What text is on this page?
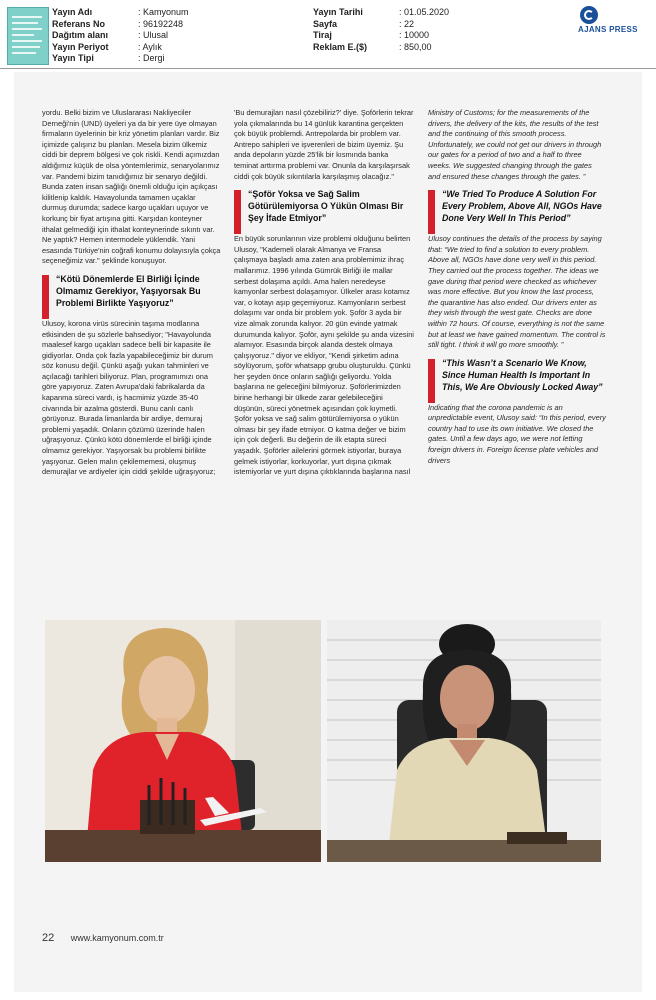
Yayın Adı	: Kamyonum
Referans No	: 96192248
Dağıtım alanı	: Ulusal
Yayın Periyot	: Aylık
Yayın Tipi	: Dergi
Yayın Tarihi	: 01.05.2020
Sayfa	: 22
Tiraj	: 10000
Reklam E.($)	: 850,00
AJANS PRESS

yordu. Belki bizim ve Uluslararası Nakliyeciler Derneği'nin (UND) üyeleri ya da bir yere üye olmayan firmaların üyelerinin bir kriz yönetim planları vardır. Biz içimizde çalışırız bu planları. Mesela bizim ülkemiz ciddi bir deprem bölgesi ve çok riskli. Kendi açımızdan aldığımız küçük de olsa yöntemlerimiz, senaryolarımız var. Pandemi bizim tanıdığımız bir senaryo değildi. Bunda zaten insan sağlığı önemli olduğu için açıkçası kilitlenip kaldık. Havayolunda tamamen uçaklar durmuş durumda; sadece kargo uçakları uçuyor ve korkunç bir fiyat artışına gitti. Karşıdan konteyner ithalat gelmediği için ithalat konteynerinde sıkıntı var. Ne yaptık? Hemen intermodele yüklendik. Yani esasında Türkiye'nin coğrafi konumu dolayısıyla çokça seçeneğimiz var." şeklinde konuşuyor.

“Kötü Dönemlerde El Birliği İçinde Olmamız Gerekiyor, Yaşıyorsak Bu Problemi Birlikte Yaşıyoruz”

Ulusoy, korona virüs sürecinin taşıma modlarına etkisinden de şu sözlerle bahsediyor; "Havayolunda maalesef kargo uçakları sadece belli bir kapasite ile gidiyorlar. Onda çok fazla yapabileceğimiz bir durum söz konusu değil. Çünkü aşağı yukarı tahminleri ve açılacağı tarihleri biliyoruz. Plan, programımızı ona göre yapıyoruz. Zaten Avrupa'daki fabrikalarda da kapanma süreci vardı, iş hacmimiz yüzde 35-40 civarında bir azalma gösterdi. Bunu canlı canlı görüyoruz. Burada limanlarda bir ardiye, demuraj problemi yaşadık. Onların çözümü üzerinde halen uğraşıyoruz. Çünkü kötü dönemlerde el birliği içinde olmamız gerekiyor. Yaşıyorsak bu problemi birlikte yaşıyoruz. Gelen malın çekilememesi, oluşmuş demurajlar ve ardiyeler için ciddi şekilde uğraşıyoruz;

'Bu demurajları nasıl çözebiliriz?' diye. Şoförlerin tekrar yola çıkmalarında bu 14 günlük karantina gerçekten çok büyük problemdi. Antrepolarda bir problem var. Antrepo sahipleri ve işverenleri de bizim üyemiz. Şu anda depoların yüzde 25'lik bir kısmında banka teminat arttırma problemi var. Onunla da karşılaşırsak ciddi çok büyük sıkıntılarla karşılaşmış olacağız."

“Şoför Yoksa ve Sağ Salim Götürülemiyorsa O Yükün Olması Bir Şey İfade Etmiyor”

En büyük sorunlarının vize problemi olduğunu belirten Ulusoy, "Kademeli olarak Almanya ve Fransa çalışmaya başladı ama zaten ana problemimiz ihraç mallarımız. 1996 yılında Gümrük Birliği ile mallar serbest dolaşıma açıldı. Ama halen neredeyse kamyonlar serbest dolaşamıyor. Ülkeler arası kotamız var, o kotayı aşıp geçemiyoruz. Kamyonların serbest dolaşımı var onda bir problem yok. Şoför 3 ayda bir vize almak zorunda kalıyor. 20 gün evinde yatmak durumunda kalıyor. Şoför, aynı şekilde şu anda vizesini alamıyor. Esasında birçok alanda destek olmaya çalışıyoruz." diyor ve ekliyor, "Kendi şirketim adına söylüyorum, şoför whatsapp grubu oluşturuldu. Çünkü her şeyden önce onların sağlığı geliyordu. Yolda başlarına ne geleceğini bilmiyoruz. Şoförlerimizden birine herhangi bir ülkede zarar gelebileceğini düşünün, süreci yönetmek açısından çok kıymetli. Şoför yoksa ve sağ salim götürülemiyorsa o yükün olması bir şey ifade etmiyor. O katma değer ve bizim için çok değerli. Bu değerin de ilk etapta süreci yaşadık. Şoförler ailelerini görmek istiyorlar, buraya gelmek istiyorlar, korkuyorlar, yurt dışına çıkmak istemiyorlar ve yurt dışına çıktıklarında başlarına nasıl

Ministry of Customs; for the measurements of the drivers, the delivery of the kits, the results of the test and the continuing of this smooth process. Unfortunately, we could not get our drivers in through our gates for a period of two and a half to three weeks. We suggested changing through the gates and ensured these changes through the gates. ”

“We Tried To Produce A Solution For Every Problem, Above All, NGOs Have Done Very Well In This Period”

Ulusoy continues the details of the process by saying that: “We tried to find a solution to every problem. Above all, NGOs have done very well in this period. They carried out the process together. The ideas we gave during that period were checked as whichever was more effective. But you know the last process, the quarantine has also ended. Our drivers enter as they wish through the west gate. Checks are done within 72 hours. Of course, everything is not the same but at least we have gained momentum. The control is still tight. I think it will go more smoothly. ”

“This Wasn’t a Scenario We Know, Since Human Health Is Important In This, We Are Obviously Locked Away”

Indicating that the corona pandemic is an unpredictable event, Ulusoy said: “In this period, every country had to use its own initiative. We closed the gates. Until a few days ago, we were not letting foreign drivers in. Foreign license plate vehicles and drivers

22 www.kamyonum.com.tr
